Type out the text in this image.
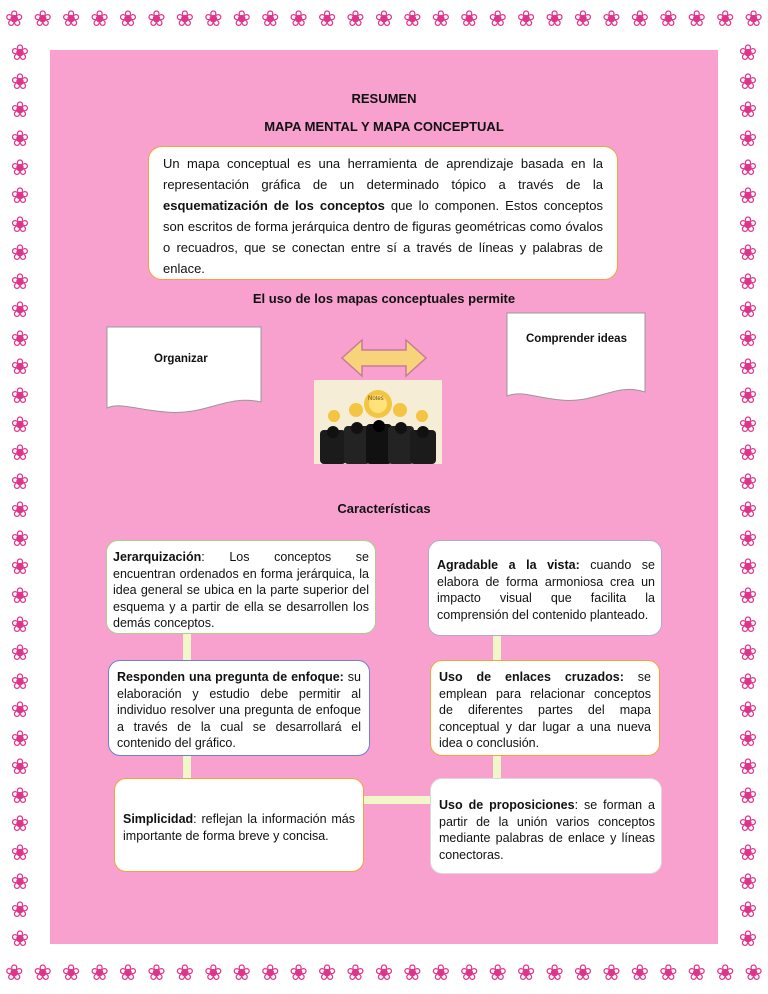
❀ ❀ ❀ ❀ ❀ ❀ ❀ ❀ ❀ ❀ ❀ ❀ ❀ ❀ ❀ ❀ ❀ ❀ ❀ ❀ ❀ ❀ ❀ ❀ ❀ ❀ ❀
❀ ❀ ❀ ❀ ❀ ❀ ❀ ❀ ❀ ❀ ❀ ❀ ❀ ❀ ❀ ❀ ❀ ❀ ❀ ❀ ❀ ❀ ❀ ❀ ❀ ❀ ❀
❀
❀
❀
❀
❀
❀
❀
❀
❀
❀
❀
❀
❀
❀
❀
❀
❀
❀
❀
❀
❀
❀
❀
❀
❀
❀
❀
❀
❀
❀
❀
❀
❀
❀
❀
❀
❀
❀
❀
❀
❀
❀
❀
❀
❀
❀
❀
❀
❀
❀
❀
❀
❀
❀
❀
❀
❀
❀
❀
❀
❀
❀
❀
❀
RESUMEN
MAPA MENTAL Y MAPA CONCEPTUAL
Un mapa conceptual es una herramienta de aprendizaje basada en la representación gráfica de un determinado tópico a través de la esquematización de los conceptos que lo componen. Estos conceptos son escritos de forma jerárquica dentro de figuras geométricas como óvalos o recuadros, que se conectan entre sí a través de líneas y palabras de enlace.
El uso de los mapas conceptuales permite
Organizar
Comprender ideas
Notes
Características
Jerarquización: Los conceptos se encuentran ordenados en forma jerárquica, la idea general se ubica en la parte superior del esquema y a partir de ella se desarrollen los demás conceptos.
Agradable a la vista: cuando se elabora de forma armoniosa crea un impacto visual que facilita la comprensión del contenido planteado.
Responden una pregunta de enfoque: su elaboración y estudio debe permitir al individuo resolver una pregunta de enfoque a través de la cual se desarrollará el contenido del gráfico.
Uso de enlaces cruzados: se emplean para relacionar conceptos de diferentes partes del mapa conceptual y dar lugar a una nueva idea o conclusión.
Simplicidad: reflejan la información más importante de forma breve y concisa.
Uso de proposiciones: se forman a partir de la unión varios conceptos mediante palabras de enlace y líneas conectoras.
